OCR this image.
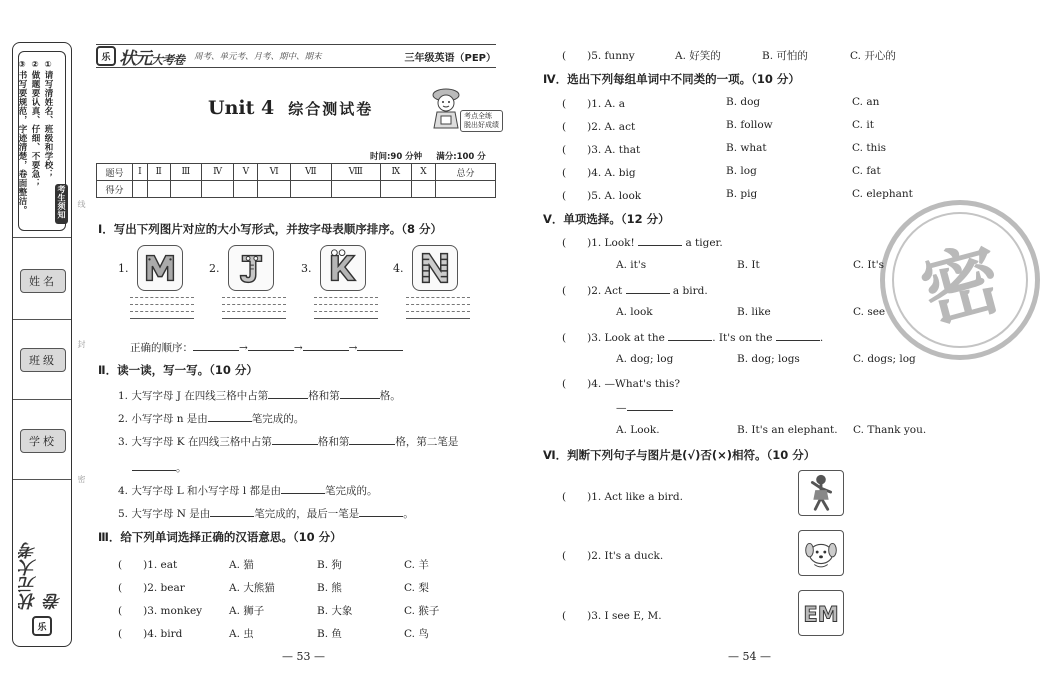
考生须知
①请写清姓名、班级和学校；
②做题要认真、仔细、不要急；
③书写要规范，字迹清楚，卷面整洁。
姓名
班级
学校
状元大考卷
乐
线
封
密
乐 状元大考卷 周考、单元考、月考、期中、期末	三年级英语（PEP）
Unit 4 综合测试卷	考点全练
脱出好成绩
时间:90 分钟 满分:100 分
题号	Ⅰ	Ⅱ	Ⅲ	Ⅳ	Ⅴ	Ⅵ	Ⅶ	Ⅷ	Ⅸ	Ⅹ	总分
得分											
Ⅰ．写出下列图片对应的大小写形式，并按字母表顺序排序。（8 分）
1.	2.	3.	4.
正确的顺序：	→	→	→
Ⅱ．读一读，写一写。（10 分）
1. 大写字母 J 在四线三格中占第	格和第	格。
2. 小写字母 n 是由	笔完成的。
3. 大写字母 K 在四线三格中占第	格和第	格，第二笔是
。
4. 大写字母 L 和小写字母 l 都是由	笔完成的。
5. 大写字母 N 是由	笔完成的，最后一笔是	。
Ⅲ．给下列单词选择正确的汉语意思。（10 分）
(　　)1. eat	A. 猫	B. 狗	C. 羊
(　　)2. bear	A. 大熊猫	B. 熊	C. 梨
(　　)3. monkey	A. 狮子	B. 大象	C. 猴子
(　　)4. bird	A. 虫	B. 鱼	C. 鸟
— 53 —
密
(　　)5. funny	A. 好笑的	B. 可怕的	C. 开心的
Ⅳ．选出下列每组单词中不同类的一项。（10 分）
(　　)1. A. a	B. dog	C. an
(　　)2. A. act	B. follow	C. it
(　　)3. A. that	B. what	C. this
(　　)4. A. big	B. log	C. fat
(　　)5. A. look	B. pig	C. elephant
Ⅴ．单项选择。（12 分）
(　　)1. Look!	a tiger.
A. it's	B. It	C. It's
(　　)2. Act	a bird.
A. look	B. like	C. see
(　　)3. Look at the	. It's on the	.
A. dog; log	B. dog; logs	C. dogs; log
(　　)4. —What's this?
—
A. Look.	B. It's an elephant. C. Thank you.
Ⅵ．判断下列句子与图片是(√)否(×)相符。（10 分）
(　　)1. Act like a bird.
(　　)2. It's a duck.
(　　)3. I see E, M.	EM
— 54 —
